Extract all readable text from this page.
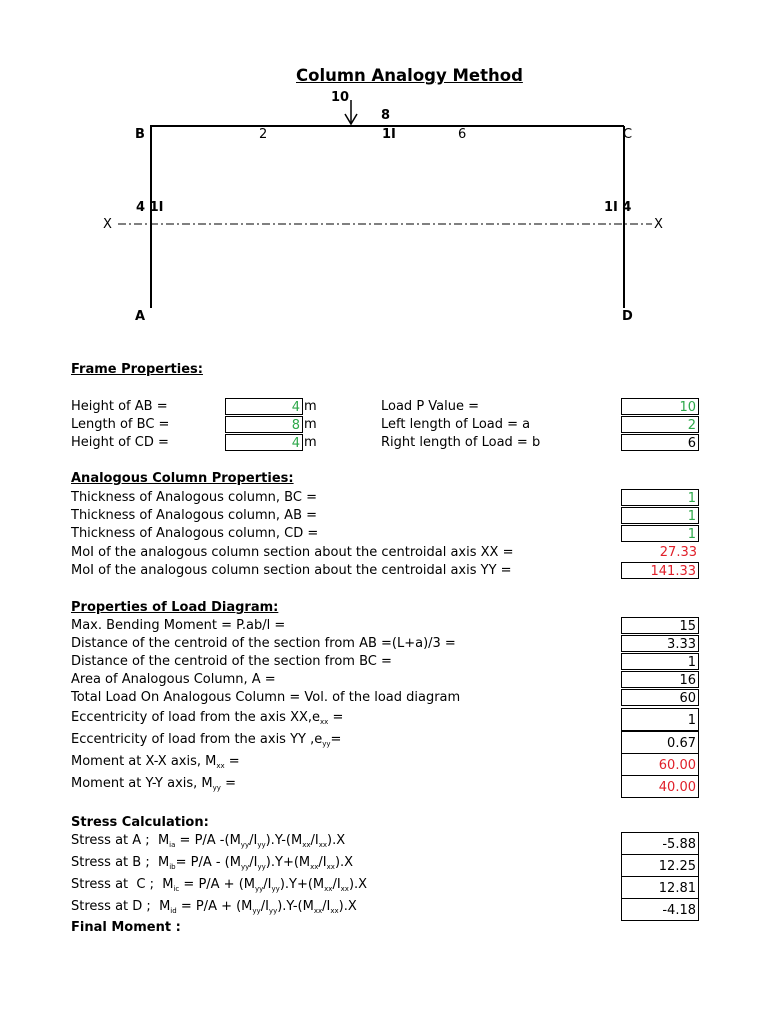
Column Analogy Method
10
8
2	1I	6
B	C
4 1I	1I 4
X	X
A	D
Frame Properties:
Height of AB =	4 m
Length of BC =	8 m
Height of CD =	4 m
Load P Value =	10
Left length of Load = a	2
Right length of Load = b	6
Analogous Column Properties:
Thickness of Analogous column, BC =	1
Thickness of Analogous column, AB =	1
Thickness of Analogous column, CD =	1
MoI of the analogous column section about the centroidal axis XX =	27.33
MoI of the analogous column section about the centroidal axis YY =	141.33
Properties of Load Diagram:
Max. Bending Moment = P.ab/l =	15
Distance of the centroid of the section from AB =(L+a)/3 =	3.33
Distance of the centroid of the section from BC =	1
Area of Analogous Column, A =	16
Total Load On Analogous Column = Vol. of the load diagram	60
Eccentricity of load from the axis $XX,e_{xx}$ =	1
Eccentricity of load from the axis YY $,e_{yy}=$	0.67
Moment at X-X axis, $M_{xx}$ =	60.00
Moment at Y-Y axis, $M_{yy}$ =	40.00
Stress Calculation:
Stress at A ;  $M_{ia} = P/A$ $-(M_{yy}/I_{yy}).Y-(M_{xx}/I_{xx}).X$	-5.88
Stress at B ;  $M_{ib}= P/A - (M_{yy}/I_{yy}).Y+(M_{xx}/I_{xx}).X$	12.25
Stress at  C ;  $M_{ic} = P/A + (M_{yy}/I_{yy}).Y+(M_{xx}/I_{xx}).X$	12.81
Stress at D ;  $M_{id} = P/A + (M_{yy}/I_{yy}).Y-(M_{xx}/I_{xx}).X$	-4.18
Final Moment :
